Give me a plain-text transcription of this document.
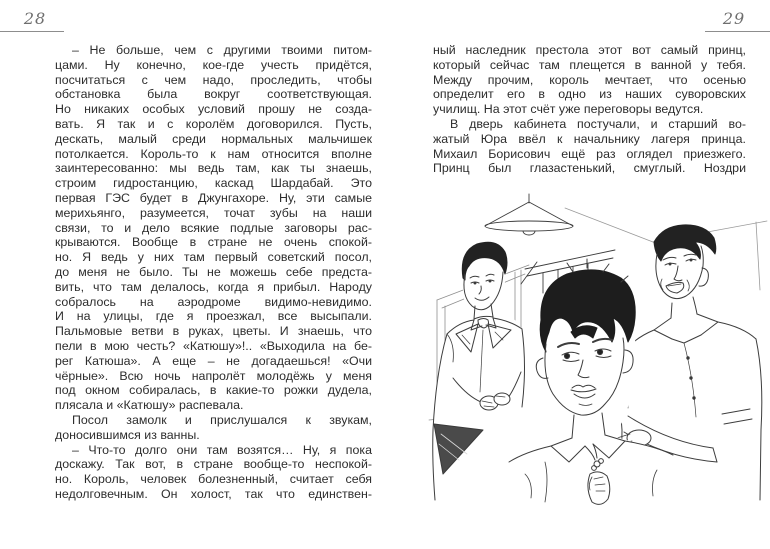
28	29
– Не больше, чем с другими твоими питом-
цами. Ну конечно, кое-где учесть придётся,
посчитаться с чем надо, проследить, чтобы
обстановка была вокруг соответствующая.
Но никаких особых условий прошу не созда-
вать. Я так и с королём договорился. Пусть,
дескать, малый среди нормальных мальчишек
потолкается. Король-то к нам относится вполне
заинтересованно: мы ведь там, как ты знаешь,
строим гидростанцию, каскад Шардабай. Это
первая ГЭС будет в Джунгахоре. Ну, эти самые
мерихьянго, разумеется, точат зубы на наши
связи, то и дело всякие подлые заговоры рас-
крываются. Вообще в стране не очень спокой-
но. Я ведь у них там первый советский посол,
до меня не было. Ты не можешь себе предста-
вить, что там делалось, когда я прибыл. Народу
собралось на аэродроме видимо-невидимо.
И на улицы, где я проезжал, все высыпали.
Пальмовые ветви в руках, цветы. И знаешь, что
пели в мою честь? «Катюшу»!.. «Выходила на бе-
рег Катюша». А еще – не догадаешься! «Очи
чёрные». Всю ночь напролёт молодёжь у меня
под окном собиралась, в какие-то рожки дудела,
плясала и «Катюшу» распевала.
Посол замолк и прислушался к звукам,
доносившимся из ванны.
– Что-то долго они там возятся… Ну, я пока
доскажу. Так вот, в стране вообще-то неспокой-
но. Король, человек болезненный, считает себя
недолговечным. Он холост, так что единствен-
ный наследник престола этот вот самый принц,
который сейчас там плещется в ванной у тебя.
Между прочим, король мечтает, что осенью
определит его в одно из наших суворовских
училищ. На этот счёт уже переговоры ведутся.
В дверь кабинета постучали, и старший во-
жатый Юра ввёл к начальнику лагеря принца.
Михаил Борисович ещё раз оглядел приезжего.
Принц был глазастенький, смуглый. Ноздри
